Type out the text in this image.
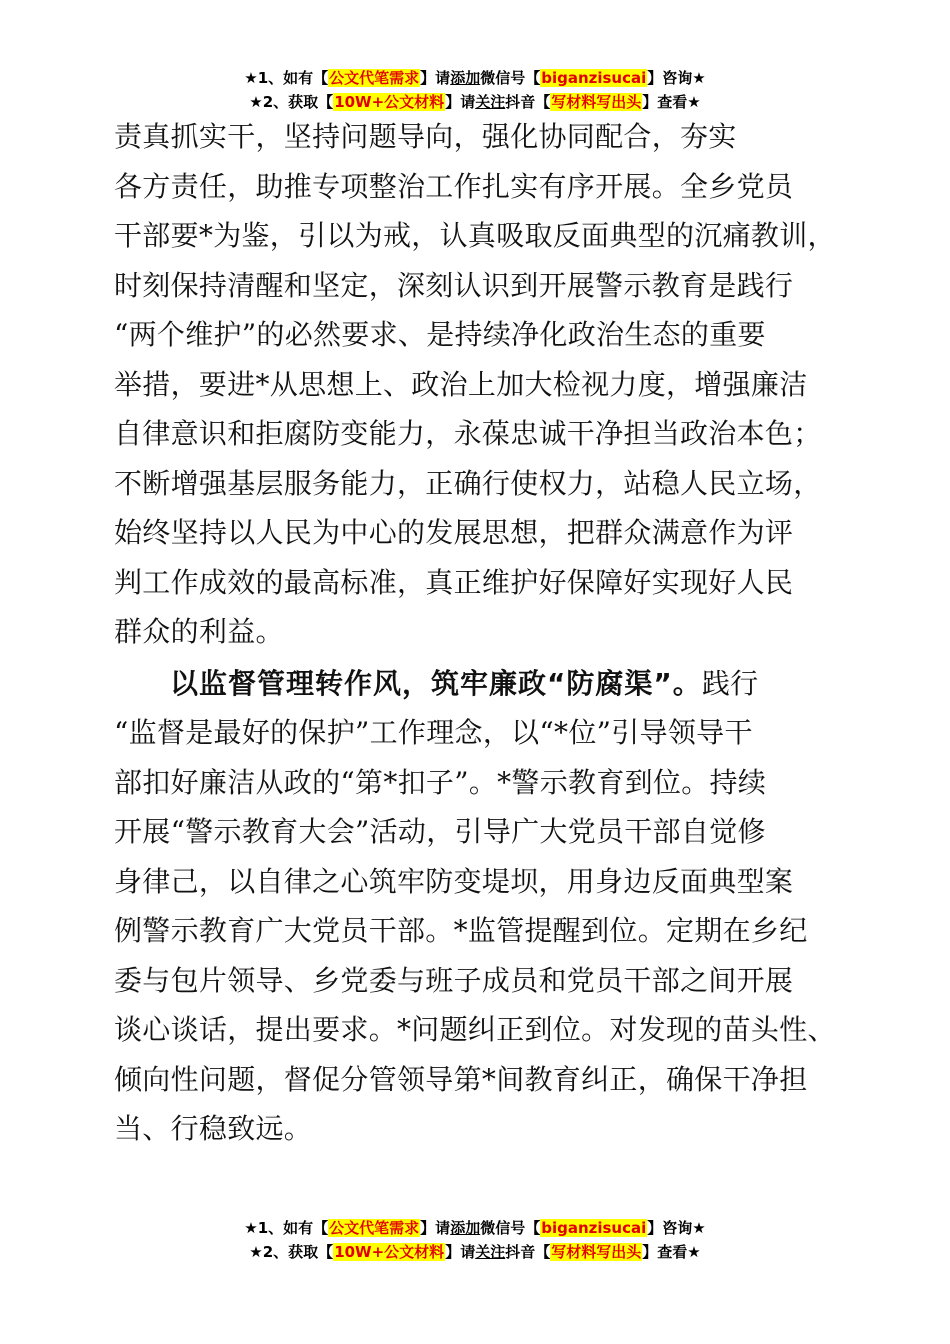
★1、如有【公文代笔需求】请添加微信号【biganzisucai】咨询★
★2、获取【10W+公文材料】请关注抖音【写材料写出头】查看★
责真抓实干，坚持问题导向，强化协同配合，夯实
各方责任，助推专项整治工作扎实有序开展。全乡党员
干部要*为鉴，引以为戒，认真吸取反面典型的沉痛教训，
时刻保持清醒和坚定，深刻认识到开展警示教育是践行
“两个维护”的必然要求、是持续净化政治生态的重要
举措，要进*从思想上、政治上加大检视力度，增强廉洁
自律意识和拒腐防变能力，永葆忠诚干净担当政治本色；
不断增强基层服务能力，正确行使权力，站稳人民立场，
始终坚持以人民为中心的发展思想，把群众满意作为评
判工作成效的最高标准，真正维护好保障好实现好人民
群众的利益。
以监督管理转作风，筑牢廉政“防腐渠”。践行
“监督是最好的保护”工作理念，以“*位”引导领导干
部扣好廉洁从政的“第*扣子”。*警示教育到位。持续
开展“警示教育大会”活动，引导广大党员干部自觉修
身律己，以自律之心筑牢防变堤坝，用身边反面典型案
例警示教育广大党员干部。*监管提醒到位。定期在乡纪
委与包片领导、乡党委与班子成员和党员干部之间开展
谈心谈话，提出要求。*问题纠正到位。对发现的苗头性、
倾向性问题，督促分管领导第*间教育纠正，确保干净担
当、行稳致远。
★1、如有【公文代笔需求】请添加微信号【biganzisucai】咨询★
★2、获取【10W+公文材料】请关注抖音【写材料写出头】查看★
